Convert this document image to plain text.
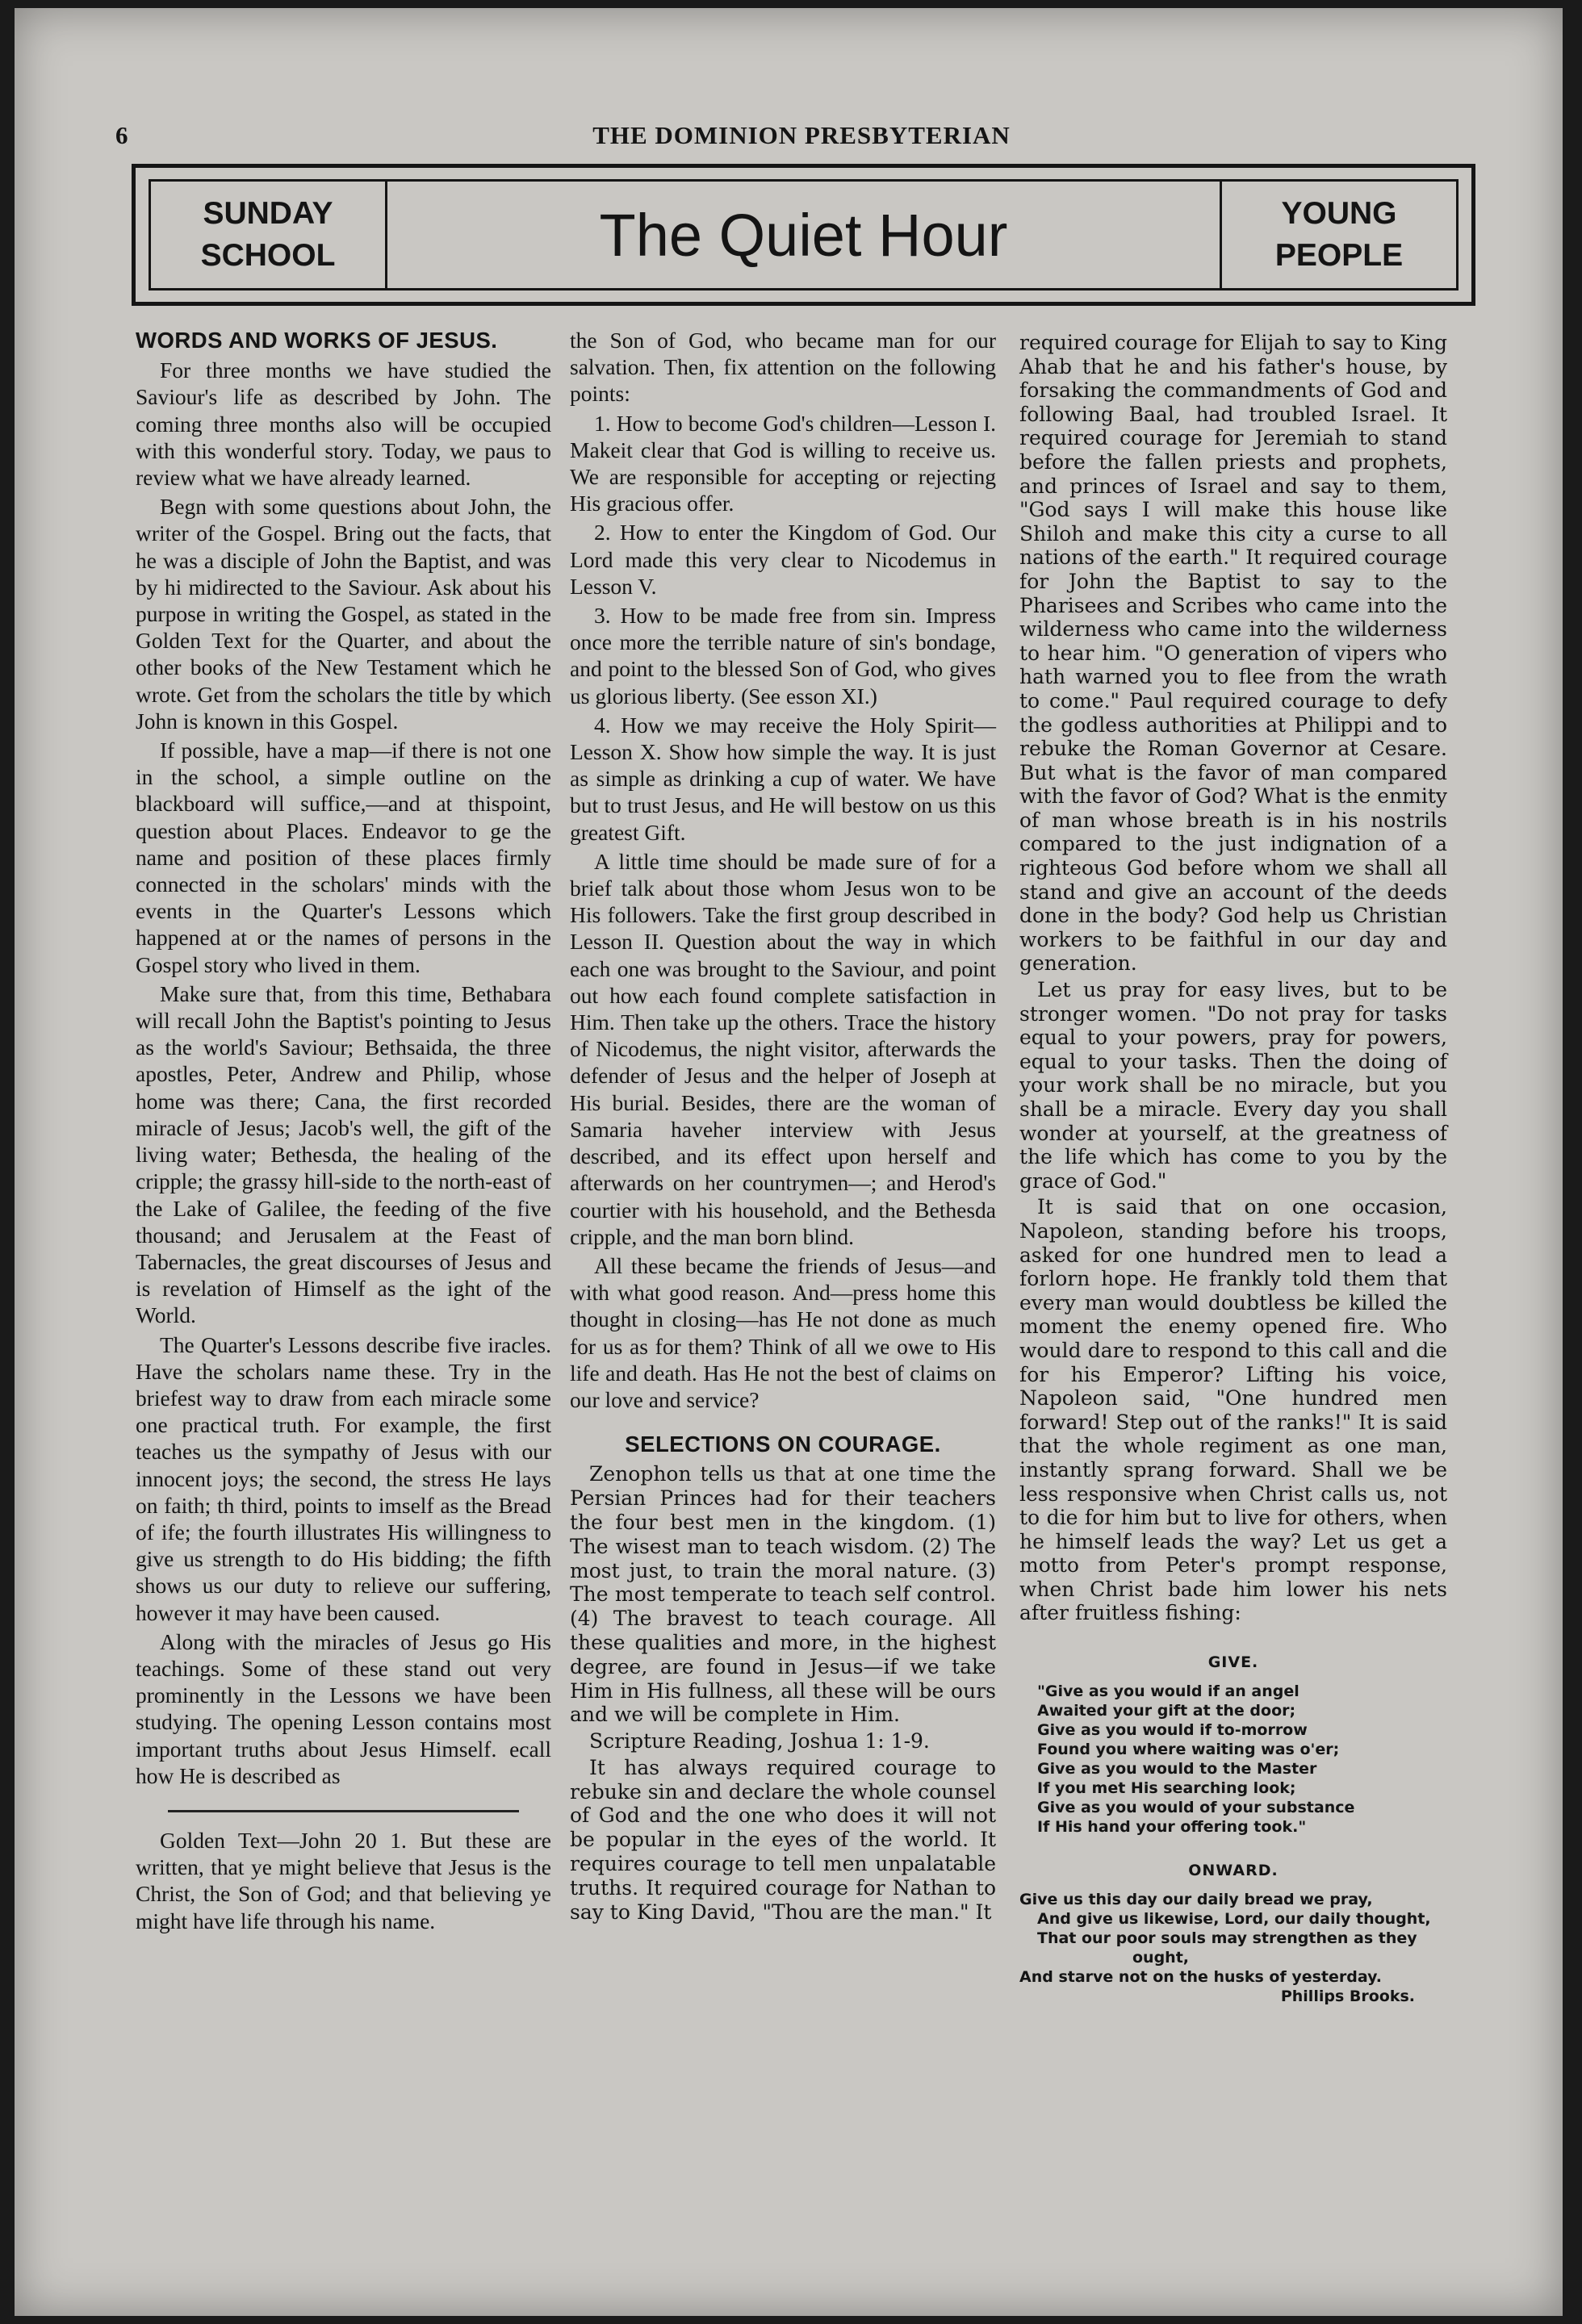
6	THE DOMINION PRESBYTERIAN
SUNDAY
SCHOOL	The Quiet Hour	YOUNG
PEOPLE
WORDS AND WORKS OF JESUS.

For three months we have studied the Saviour's life as described by John. The coming three months also will be occupied with this wonderful story. Today, we paus to review what we have already learned.

Begn with some questions about John, the writer of the Gospel. Bring out the facts, that he was a disciple of John the Baptist, and was by hi midirected to the Saviour. Ask about his purpose in writing the Gospel, as stated in the Golden Text for the Quarter, and about the other books of the New Testament which he wrote. Get from the scholars the title by which John is known in this Gospel.

If possible, have a map—if there is not one in the school, a simple outline on the blackboard will suffice,—and at thispoint, question about Places. Endeavor to ge the name and position of these places firmly connected in the scholars' minds with the events in the Quarter's Lessons which happened at or the names of persons in the Gospel story who lived in them.

Make sure that, from this time, Bethabara will recall John the Baptist's pointing to Jesus as the world's Saviour; Bethsaida, the three apostles, Peter, Andrew and Philip, whose home was there; Cana, the first recorded miracle of Jesus; Jacob's well, the gift of the living water; Bethesda, the healing of the cripple; the grassy hill-side to the north-east of the Lake of Galilee, the feeding of the five thousand; and Jerusalem at the Feast of Tabernacles, the great discourses of Jesus and is revelation of Himself as the ight of the World.

The Quarter's Lessons describe five iracles. Have the scholars name these. Try in the briefest way to draw from each miracle some one practical truth. For example, the first teaches us the sympathy of Jesus with our innocent joys; the second, the stress He lays on faith; th third, points to imself as the Bread of ife; the fourth illustrates His willingness to give us strength to do His bidding; the fifth shows us our duty to relieve our suffering, however it may have been caused.

Along with the miracles of Jesus go His teachings. Some of these stand out very prominently in the Lessons we have been studying. The opening Lesson contains most important truths about Jesus Himself. ecall how He is described as

Golden Text—John 20 1. But these are written, that ye might believe that Jesus is the Christ, the Son of God; and that believing ye might have life through his name.

the Son of God, who became man for our salvation. Then, fix attention on the following points:

1. How to become God's children—Lesson I. Makeit clear that God is willing to receive us. We are responsible for accepting or rejecting His gracious offer.

2. How to enter the Kingdom of God. Our Lord made this very clear to Nicodemus in Lesson V.

3. How to be made free from sin. Impress once more the terrible nature of sin's bondage, and point to the blessed Son of God, who gives us glorious liberty. (See esson XI.)

4. How we may receive the Holy Spirit—Lesson X. Show how simple the way. It is just as simple as drinking a cup of water. We have but to trust Jesus, and He will bestow on us this greatest Gift.

A little time should be made sure of for a brief talk about those whom Jesus won to be His followers. Take the first group described in Lesson II. Question about the way in which each one was brought to the Saviour, and point out how each found complete satisfaction in Him. Then take up the others. Trace the history of Nicodemus, the night visitor, afterwards the defender of Jesus and the helper of Joseph at His burial. Besides, there are the woman of Samaria haveher interview with Jesus described, and its effect upon herself and afterwards on her countrymen—; and Herod's courtier with his household, and the Bethesda cripple, and the man born blind.

All these became the friends of Jesus—and with what good reason. And—press home this thought in closing—has He not done as much for us as for them? Think of all we owe to His life and death. Has He not the best of claims on our love and service?

SELECTIONS ON COURAGE.

Zenophon tells us that at one time the Persian Princes had for their teachers the four best men in the kingdom. (1) The wisest man to teach wisdom. (2) The most just, to train the moral nature. (3) The most temperate to teach self control. (4) The bravest to teach courage. All these qualities and more, in the highest degree, are found in Jesus—if we take Him in His fullness, all these will be ours and we will be complete in Him.

Scripture Reading, Joshua 1: 1-9.

It has always required courage to rebuke sin and declare the whole counsel of God and the one who does it will not be popular in the eyes of the world. It requires courage to tell men unpalatable truths. It required courage for Nathan to say to King David, "Thou are the man." It

required courage for Elijah to say to King Ahab that he and his father's house, by forsaking the commandments of God and following Baal, had troubled Israel. It required courage for Jeremiah to stand before the fallen priests and prophets, and princes of Israel and say to them, "God says I will make this house like Shiloh and make this city a curse to all nations of the earth." It required courage for John the Baptist to say to the Pharisees and Scribes who came into the wilderness who came into the wilderness to hear him. "O generation of vipers who hath warned you to flee from the wrath to come." Paul required courage to defy the godless authorities at Philippi and to rebuke the Roman Governor at Cesare. But what is the favor of man compared with the favor of God? What is the enmity of man whose breath is in his nostrils compared to the just indignation of a righteous God before whom we shall all stand and give an account of the deeds done in the body? God help us Christian workers to be faithful in our day and generation.

Let us pray for easy lives, but to be stronger women. "Do not pray for tasks equal to your powers, pray for powers, equal to your tasks. Then the doing of your work shall be no miracle, but you shall be a miracle. Every day you shall wonder at yourself, at the greatness of the life which has come to you by the grace of God."

It is said that on one occasion, Napoleon, standing before his troops, asked for one hundred men to lead a forlorn hope. He frankly told them that every man would doubtless be killed the moment the enemy opened fire. Who would dare to respond to this call and die for his Emperor? Lifting his voice, Napoleon said, "One hundred men forward! Step out of the ranks!" It is said that the whole regiment as one man, instantly sprang forward. Shall we be less responsive when Christ calls us, not to die for him but to live for others, when he himself leads the way? Let us get a motto from Peter's prompt response, when Christ bade him lower his nets after fruitless fishing:

GIVE.
"Give as you would if an angel
Awaited your gift at the door;
Give as you would if to-morrow
Found you where waiting was o'er;
Give as you would to the Master
If you met His searching look;
Give as you would of your substance
If His hand your offering took."
ONWARD.
Give us this day our daily bread we pray,
And give us likewise, Lord, our daily thought,
That our poor souls may strengthen as they
ought,
And starve not on the husks of yesterday.
Phillips Brooks.
